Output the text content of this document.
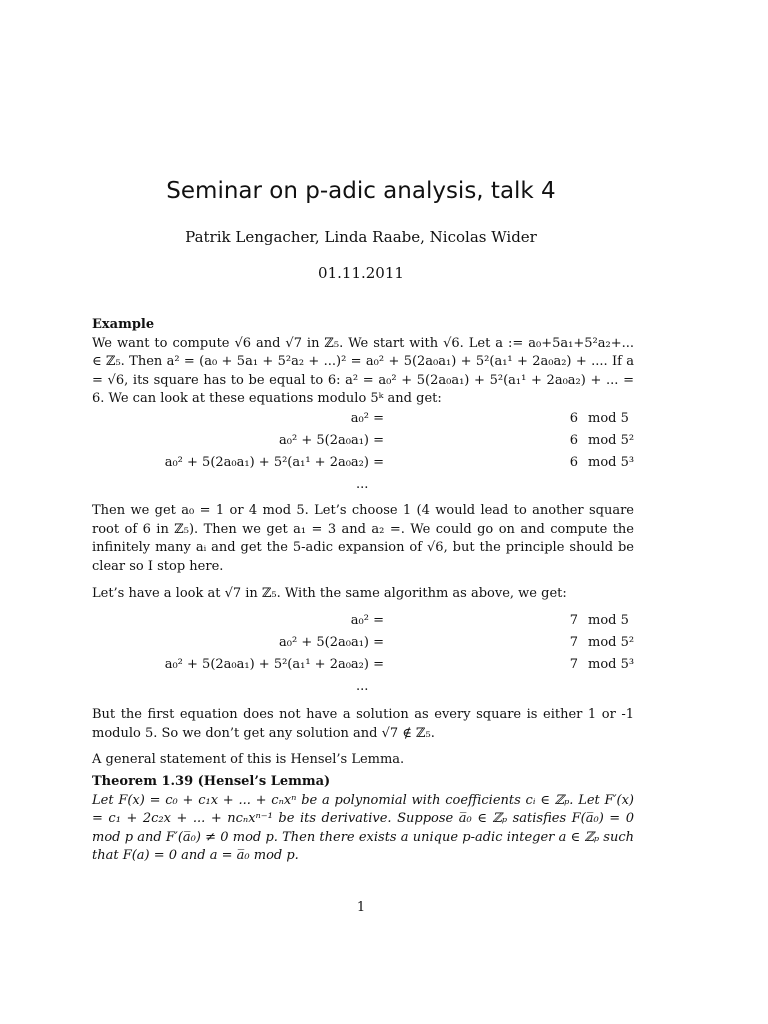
Seminar on p-adic analysis, talk 4
Patrik Lengacher, Linda Raabe, Nicolas Wider
01.11.2011
Example

We want to compute √6 and √7 in ℤ₅. We start with √6. Let a := a₀+5a₁+5²a₂+... ∈ ℤ₅. Then a² = (a₀ + 5a₁ + 5²a₂ + ...)² = a₀² + 5(2a₀a₁) + 5²(a₁¹ + 2a₀a₂) + .... If a = √6, its square has to be equal to 6: a² = a₀² + 5(2a₀a₁) + 5²(a₁¹ + 2a₀a₂) + ... = 6. We can look at these equations modulo 5ᵏ and get:

a₀² =	6 mod 5
a₀² + 5(2a₀a₁) =	6 mod 5²
a₀² + 5(2a₀a₁) + 5²(a₁¹ + 2a₀a₂) =	6 mod 5³
...

Then we get a₀ = 1 or 4 mod 5. Let’s choose 1 (4 would lead to another square root of 6 in ℤ₅). Then we get a₁ = 3 and a₂ =. We could go on and compute the infinitely many aᵢ and get the 5-adic expansion of √6, but the principle should be clear so I stop here.

Let’s have a look at √7 in ℤ₅. With the same algorithm as above, we get:

a₀² =	7 mod 5
a₀² + 5(2a₀a₁) =	7 mod 5²
a₀² + 5(2a₀a₁) + 5²(a₁¹ + 2a₀a₂) =	7 mod 5³
...

But the first equation does not have a solution as every square is either 1 or -1 modulo 5. So we don’t get any solution and √7 ∉ ℤ₅.

A general statement of this is Hensel’s Lemma.

Theorem 1.39 (Hensel’s Lemma)

Let F(x) = c₀ + c₁x + ... + cₙxⁿ be a polynomial with coefficients cᵢ ∈ ℤₚ. Let F′(x) = c₁ + 2c₂x + ... + ncₙxⁿ⁻¹ be its derivative. Suppose a̅₀ ∈ ℤₚ satisfies F(a̅₀) = 0 mod p and F′(a̅₀) ≠ 0 mod p. Then there exists a unique p-adic integer a ∈ ℤₚ such that F(a) = 0 and a = a̅₀ mod p.

1
